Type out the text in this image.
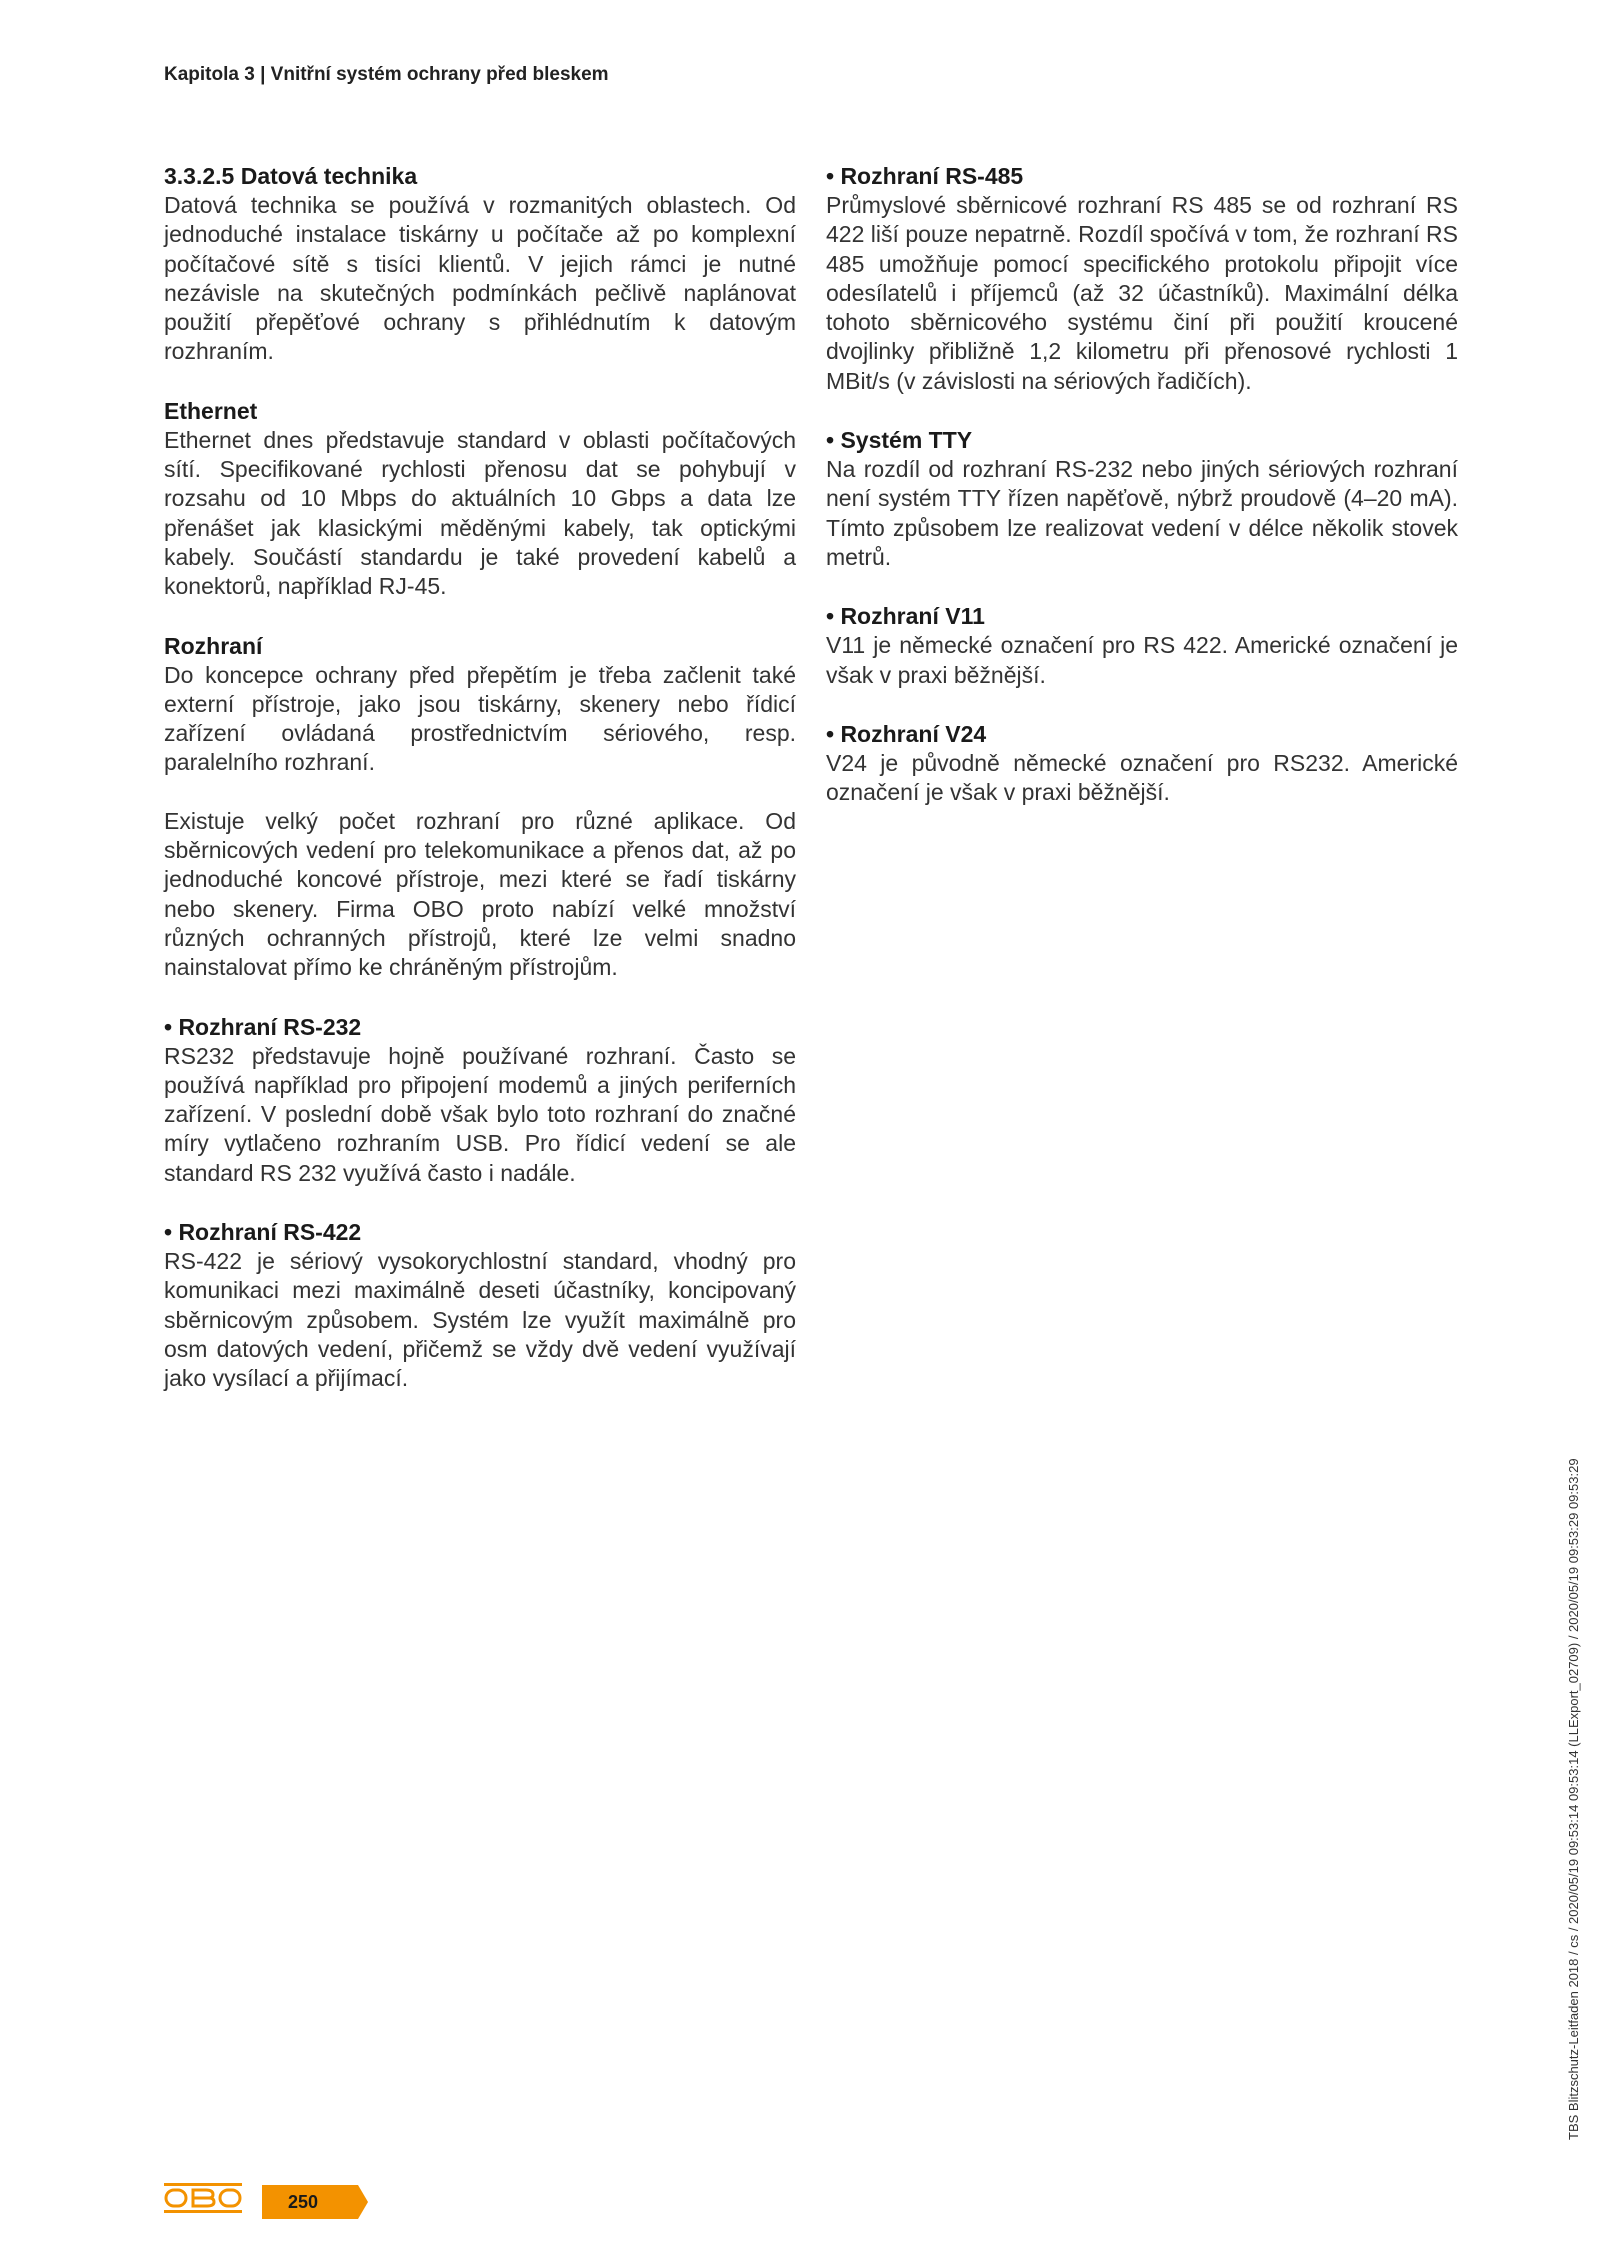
Kapitola 3 | Vnitřní systém ochrany před bleskem
3.3.2.5 Datová technika

Datová technika se používá v rozmanitých oblastech. Od jednoduché instalace tiskárny u počítače až po komplexní počítačové sítě s tisíci klientů. V jejich rámci je nutné nezávisle na skutečných podmínkách pečlivě naplánovat použití přepěťové ochrany s přihlédnutím k datovým rozhraním.

Ethernet

Ethernet dnes představuje standard v oblasti počítačových sítí. Specifikované rychlosti přenosu dat se pohybují v rozsahu od 10 Mbps do aktuálních 10 Gbps a data lze přenášet jak klasickými měděnými kabely, tak optickými kabely. Součástí standardu je také provedení kabelů a konektorů, například RJ-45.

Rozhraní

Do koncepce ochrany před přepětím je třeba začlenit také externí přístroje, jako jsou tiskárny, skenery nebo řídicí zařízení ovládaná prostřednictvím sériového, resp. paralelního rozhraní.

Existuje velký počet rozhraní pro různé aplikace. Od sběrnicových vedení pro telekomunikace a přenos dat, až po jednoduché koncové přístroje, mezi které se řadí tiskárny nebo skenery. Firma OBO proto nabízí velké množství různých ochranných přístrojů, které lze velmi snadno nainstalovat přímo ke chráněným přístrojům.

• Rozhraní RS-232

RS232 představuje hojně používané rozhraní. Často se používá například pro připojení modemů a jiných periferních zařízení. V poslední době však bylo toto rozhraní do značné míry vytlačeno rozhraním USB. Pro řídicí vedení se ale standard RS 232 využívá často i nadále.

• Rozhraní RS-422

RS-422 je sériový vysokorychlostní standard, vhodný pro komunikaci mezi maximálně deseti účastníky, koncipovaný sběrnicovým způsobem. Systém lze využít maximálně pro osm datových vedení, přičemž se vždy dvě vedení využívají jako vysílací a přijímací.

• Rozhraní RS-485

Průmyslové sběrnicové rozhraní RS 485 se od rozhraní RS 422 liší pouze nepatrně. Rozdíl spočívá v tom, že rozhraní RS 485 umožňuje pomocí specifického protokolu připojit více odesílatelů i příjemců (až 32 účastníků). Maximální délka tohoto sběrnicového systému činí při použití kroucené dvojlinky přibližně 1,2 kilometru při přenosové rychlosti 1 MBit/s (v závislosti na sériových řadičích).

• Systém TTY

Na rozdíl od rozhraní RS-232 nebo jiných sériových rozhraní není systém TTY řízen napěťově, nýbrž proudově (4–20 mA). Tímto způsobem lze realizovat vedení v délce několik stovek metrů.

• Rozhraní V11

V11 je německé označení pro RS 422. Americké označení je však v praxi běžnější.

• Rozhraní V24

V24 je původně německé označení pro RS232. Americké označení je však v praxi běžnější.

TBS Blitzschutz-Leitfaden 2018 / cs / 2020/05/19 09:53:14 09:53:14 (LLExport_02709) / 2020/05/19 09:53:29 09:53:29
250
